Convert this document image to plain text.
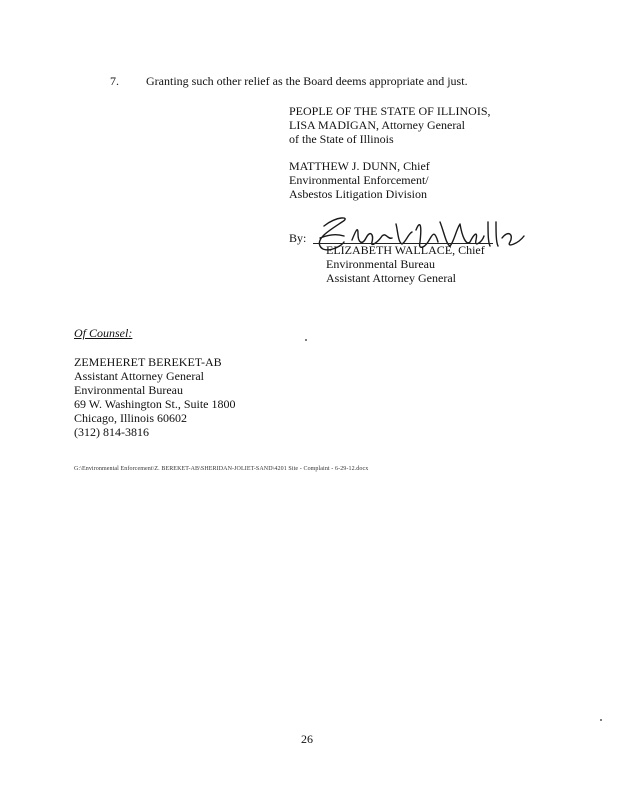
7. Granting such other relief as the Board deems appropriate and just.
PEOPLE OF THE STATE OF ILLINOIS,
LISA MADIGAN, Attorney General
of the State of Illinois
MATTHEW J. DUNN, Chief
Environmental Enforcement/
Asbestos Litigation Division
By:
ELIZABETH WALLACE, Chief
Environmental Bureau
Assistant Attorney General
Of Counsel:
ZEMEHERET BEREKET-AB
Assistant Attorney General
Environmental Bureau
69 W. Washington St., Suite 1800
Chicago, Illinois 60602
(312) 814-3816
G:\Environmental Enforcement\Z. BEREKET-AB\SHERIDAN-JOLIET-SAND\4201 Site - Complaint - 6-29-12.docx
26
